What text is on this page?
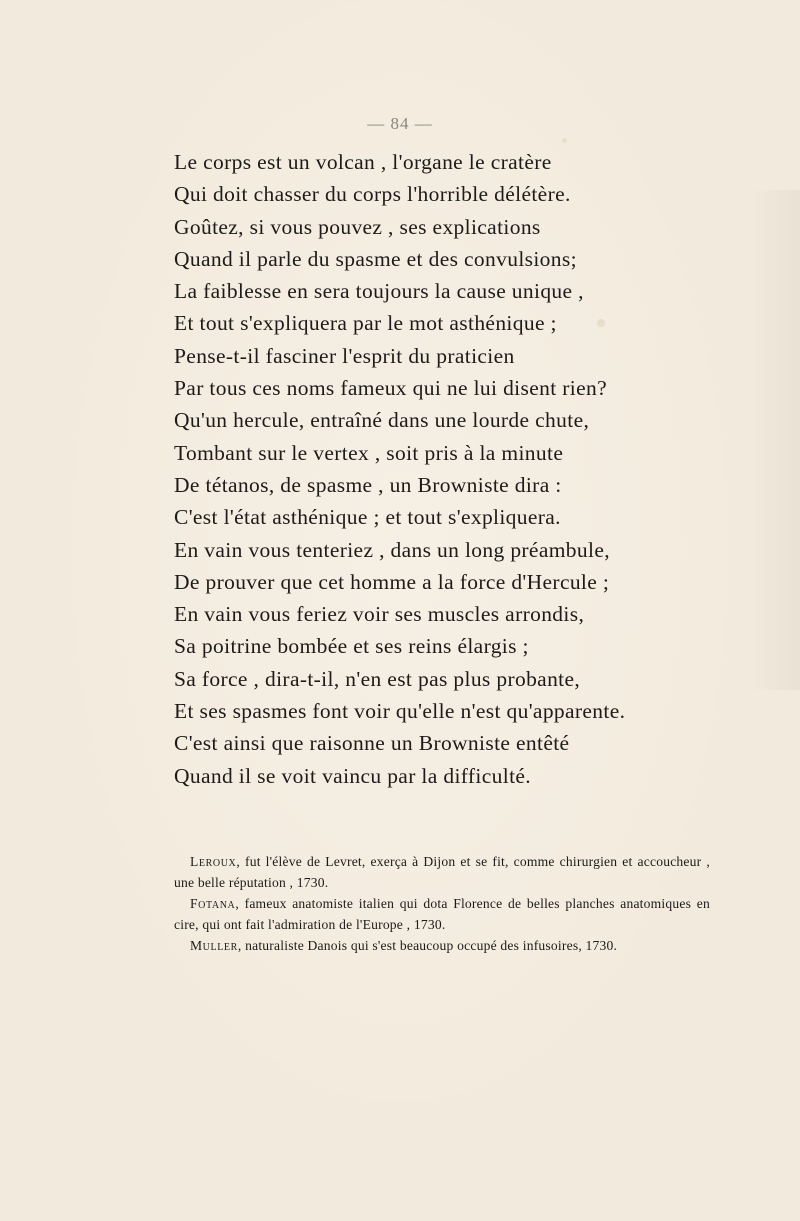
— 84 —
Le corps est un volcan , l'organe le cratère
Qui doit chasser du corps l'horrible délétère.
Goûtez, si vous pouvez , ses explications
Quand il parle du spasme et des convulsions;
La faiblesse en sera toujours la cause unique ,
Et tout s'expliquera par le mot asthénique ;
Pense-t-il fasciner l'esprit du praticien
Par tous ces noms fameux qui ne lui disent rien?
Qu'un hercule, entraîné dans une lourde chute,
Tombant sur le vertex , soit pris à la minute
De tétanos, de spasme , un Browniste dira :
C'est l'état asthénique ; et tout s'expliquera.
En vain vous tenteriez , dans un long préambule,
De prouver que cet homme a la force d'Hercule ;
En vain vous feriez voir ses muscles arrondis,
Sa poitrine bombée et ses reins élargis ;
Sa force , dira-t-il, n'en est pas plus probante,
Et ses spasmes font voir qu'elle n'est qu'apparente.
C'est ainsi que raisonne un Browniste entêté
Quand il se voit vaincu par la difficulté.

Leroux, fut l'élève de Levret, exerça à Dijon et se fit, comme chirurgien et accoucheur , une belle réputation , 1730.

Fotana, fameux anatomiste italien qui dota Florence de belles planches anatomiques en cire, qui ont fait l'admiration de l'Europe , 1730.

Muller, naturaliste Danois qui s'est beaucoup occupé des infusoires, 1730.
